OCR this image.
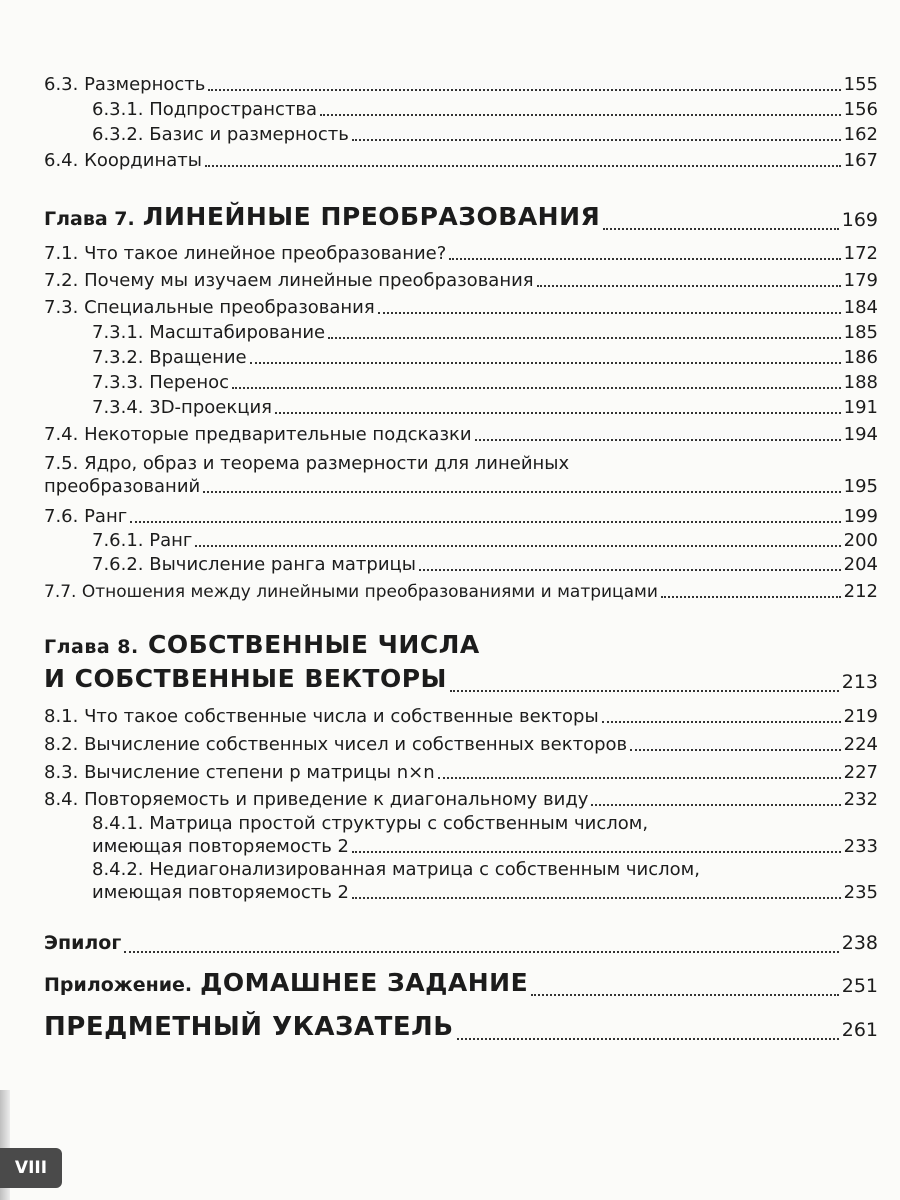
6.3. Размерность	155
6.3.1. Подпространства	156
6.3.2. Базис и размерность	162
6.4. Координаты	167
Глава 7. ЛИНЕЙНЫЕ ПРЕОБРАЗОВАНИЯ	169
7.1. Что такое линейное преобразование?	172
7.2. Почему мы изучаем линейные преобразования	179
7.3. Специальные преобразования	184
7.3.1. Масштабирование	185
7.3.2. Вращение	186
7.3.3. Перенос	188
7.3.4. 3D-проекция	191
7.4. Некоторые предварительные подсказки	194
7.5. Ядро, образ и теорема размерности для линейных
преобразований	195
7.6. Ранг	199
7.6.1. Ранг	200
7.6.2. Вычисление ранга матрицы	204
7.7. Отношения между линейными преобразованиями и матрицами	212
Глава 8. СОБСТВЕННЫЕ ЧИСЛА
И СОБСТВЕННЫЕ ВЕКТОРЫ	213
8.1. Что такое собственные числа и собственные векторы	219
8.2. Вычисление собственных чисел и собственных векторов	224
8.3. Вычисление степени p матрицы n×n	227
8.4. Повторяемость и приведение к диагональному виду	232
8.4.1. Матрица простой структуры с собственным числом,
имеющая повторяемость 2	233
8.4.2. Недиагонализированная матрица с собственным числом,
имеющая повторяемость 2	235
Эпилог	238
Приложение. ДОМАШНЕЕ ЗАДАНИЕ	251
ПРЕДМЕТНЫЙ УКАЗАТЕЛЬ	261
VIII
